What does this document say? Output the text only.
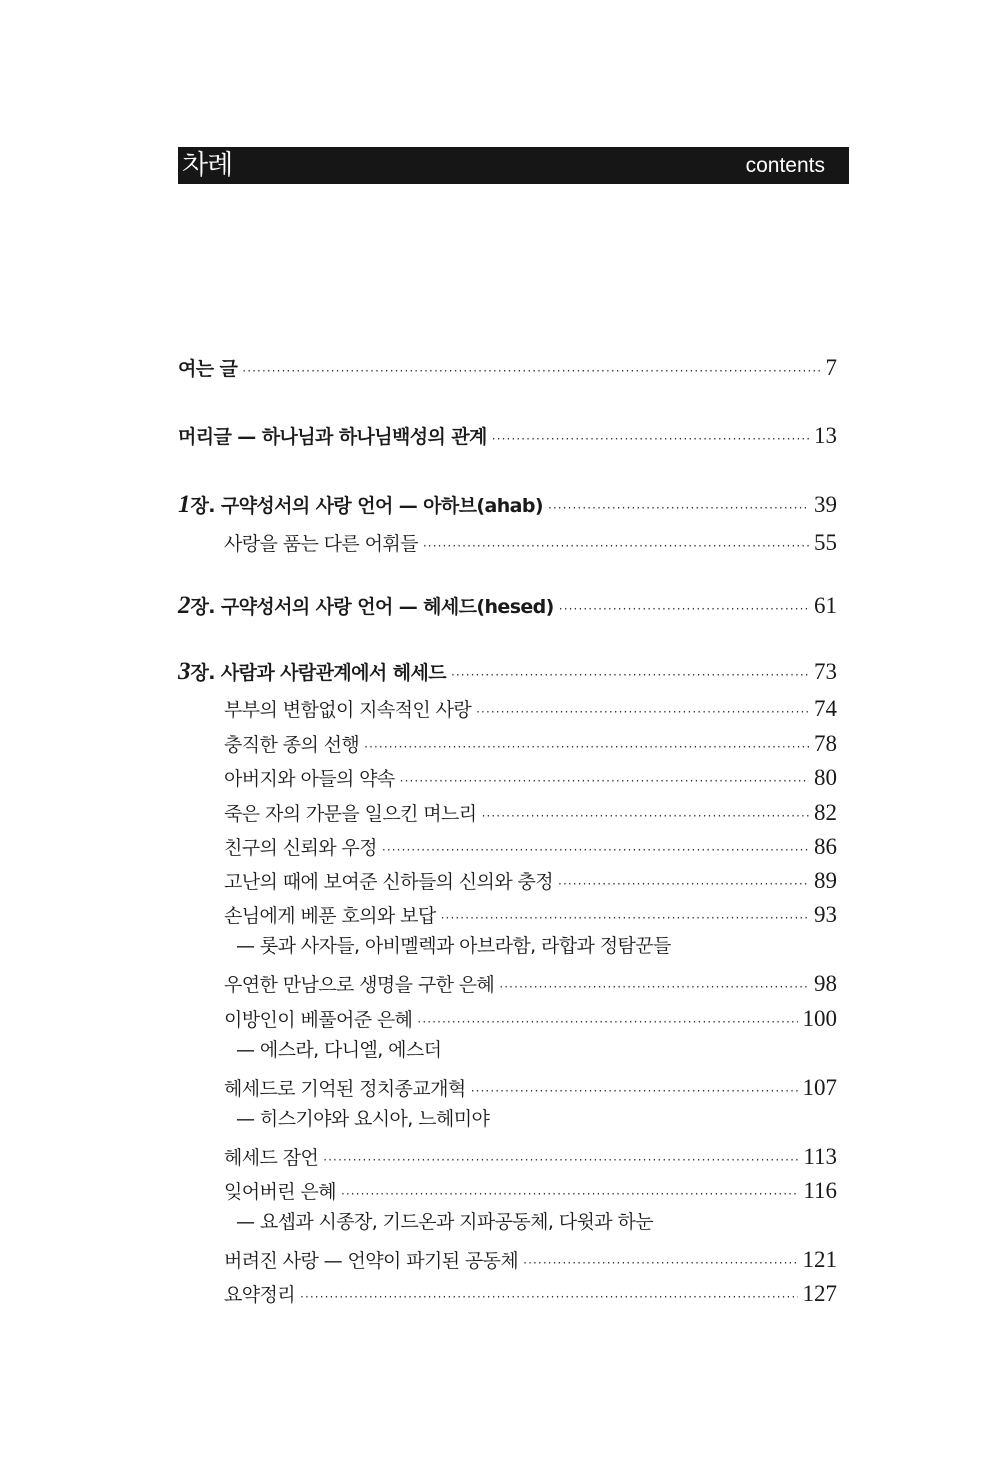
차례	contents
여는 글 ·····	7
머리글 — 하나님과 하나님백성의 관계 ·····	13
1 장. 구약성서의 사랑 언어 — 아하브(ahab) ·····	39
사랑을 품는 다른 어휘들 ·····	55
2 장. 구약성서의 사랑 언어 — 헤세드(hesed) ·····	61
3 장. 사람과 사람관계에서 헤세드 ·····	73
부부의 변함없이 지속적인 사랑 ·····	74
충직한 종의 선행 ·····	78
아버지와 아들의 약속 ·····	80
죽은 자의 가문을 일으킨 며느리 ·····	82
친구의 신뢰와 우정 ·····	86
고난의 때에 보여준 신하들의 신의와 충정 ·····	89
손님에게 베푼 호의와 보답 ·····	93
— 롯과 사자들, 아비멜렉과 아브라함, 라합과 정탐꾼들
우연한 만남으로 생명을 구한 은혜 ·····	98
이방인이 베풀어준 은혜 ·····	100
— 에스라, 다니엘, 에스더
헤세드로 기억된 정치종교개혁 ·····	107
— 히스기야와 요시아, 느헤미야
헤세드 잠언 ·····	113
잊어버린 은혜 ·····	116
— 요셉과 시종장, 기드온과 지파공동체, 다윗과 하눈
버려진 사랑 — 언약이 파기된 공동체 ·····	121
요약정리 ·····	127
